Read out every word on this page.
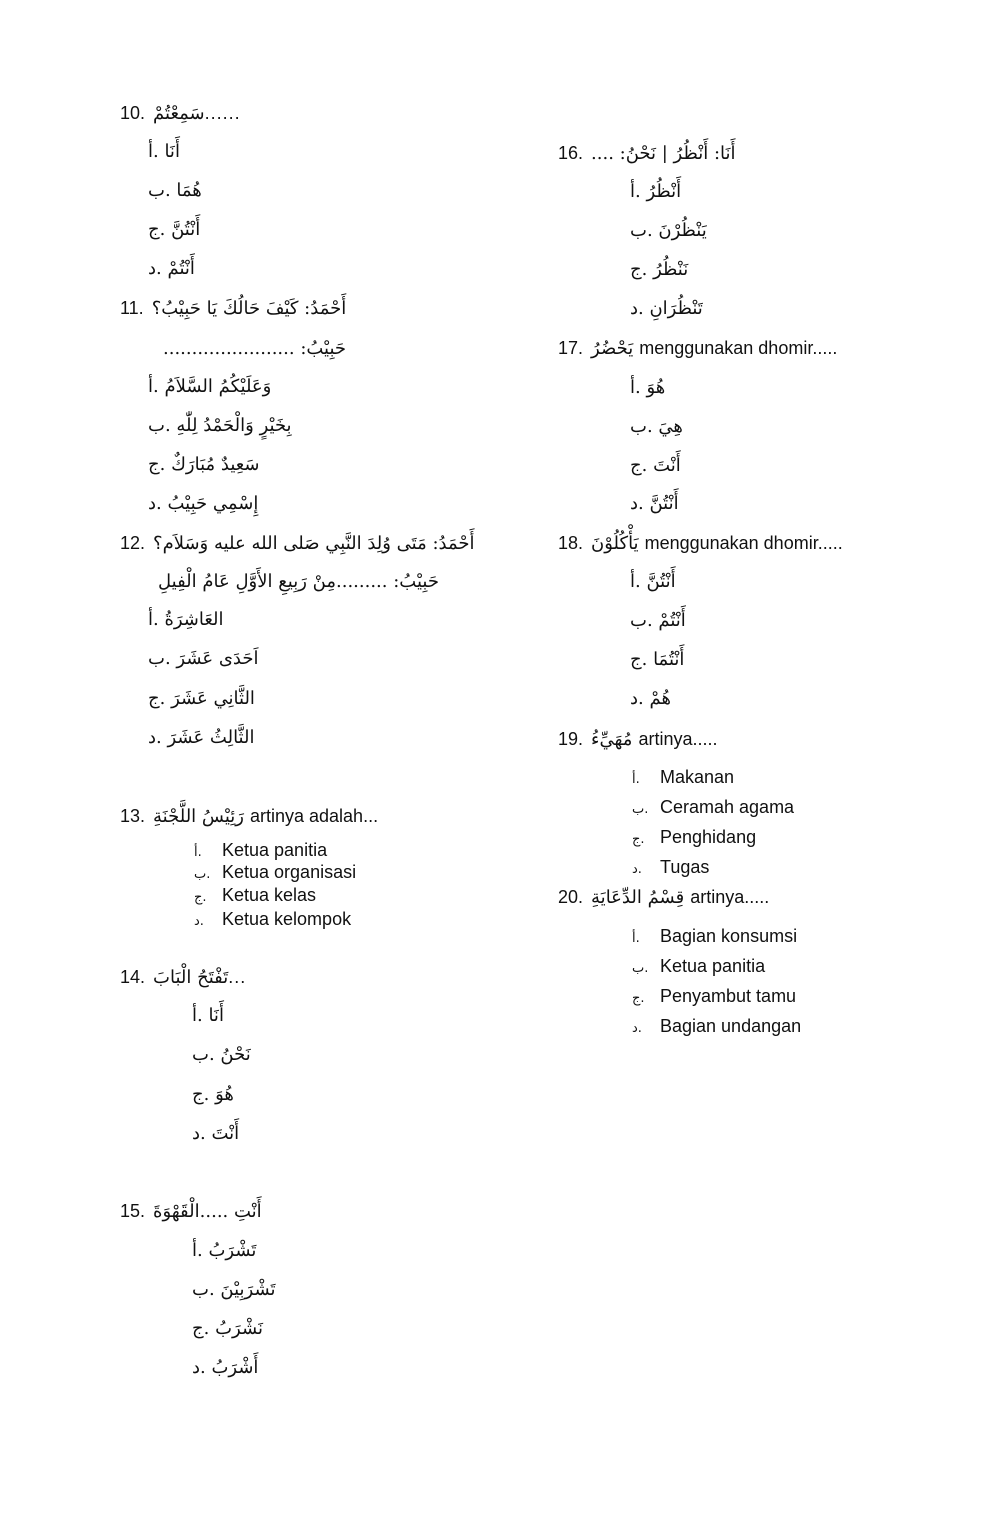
10. سَمِعْتُمْ ......
أَنَا .أ
هُمَا .ب
أَنْتُنَّ .ج
أَنْتُمْ .د
11. أَحْمَدُ: كَيْفَ حَالُكَ يَا حَبِيْبُ؟
حَبِيْبُ: .......................
وَعَلَيْكُمُ السَّلاَمُ .أ
بِخَيْرٍ وَالْحَمْدُ لِلّٰهِ .ب
سَعِيدٌ مُبَارَكٌ .ج
إِسْمِي حَبِيْبُ .د
12. أَحْمَدُ: مَتَى وُلِدَ النَّبِي صَلى الله عليه وَسَلاَم؟
حَبِيْبُ: .........مِنْ رَبِيعِ الأَوَّلِ عَامُ الْفِيلِ
العَاشِرَةُ .أ
اَحَدَى عَشَرَ .ب
الثَّانِي عَشَرَ .ج
الثَّالِثُ عَشَرَ .د
13. رَئِيْسُ اللَّجْنَةِ artinya adalah...
أ.	Ketua panitia
ب. Ketua organisasi
ج. Ketua kelas
د.	Ketua kelompok
14. تَفْتَحُ الْبَابَ ...
أَنَا .أ
نَحْنُ .ب
هُوَ .ج
أَنْتَ .د
15. أَنْتِ .....الْقَهْوَةَ
تَشْرَبُ .أ
تَشْرَبِيْنَ .ب
نَشْرَبُ .ج
أَشْرَبُ .د
16. أَنَا: أَنْظُرُ | نَحْنُ: ....
أَنْظُرُ .أ
يَنْظُرْنَ .ب
نَنْظُرُ .ج
تَنْظُرَانِ .د
17. يَحْضُرُ menggunakan dhomir.....
هُوَ .أ
هِيَ .ب
أَنْتَ .ج
أَنْتُنَّ .د
18. يَأْكُلُوْنَ menggunakan dhomir.....
أَنْتُنَّ .أ
أَنْتُمْ .ب
أَنْتُمَا .ج
هُمْ .د
19. مُهَيِّءُ artinya.....
أ.	Makanan
ب. Ceramah agama
ج. Penghidang
د.	Tugas
20. قِسْمُ الدِّعَايَةِ artinya.....
أ.	Bagian konsumsi
ب. Ketua panitia
ج. Penyambut tamu
د.	Bagian undangan
